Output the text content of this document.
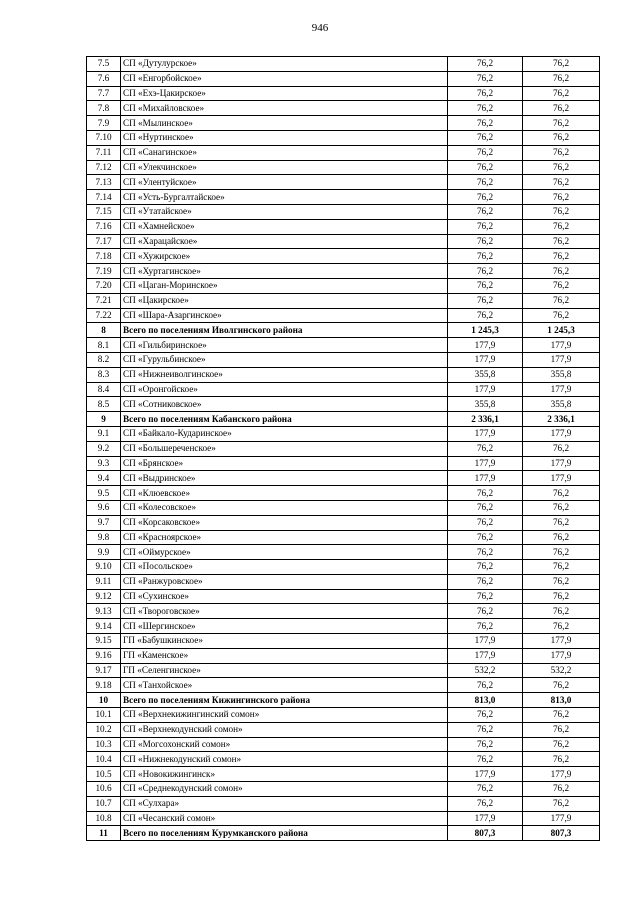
946
7.5	СП «Дутулурское»	76,2	76,2
7.6	СП «Енгорбойское»	76,2	76,2
7.7	СП «Ехэ-Цакирское»	76,2	76,2
7.8	СП «Михайловское»	76,2	76,2
7.9	СП «Мылинское»	76,2	76,2
7.10	СП «Нуртинское»	76,2	76,2
7.11	СП «Санагинское»	76,2	76,2
7.12	СП «Улекчинское»	76,2	76,2
7.13	СП «Улентуйское»	76,2	76,2
7.14	СП «Усть-Бургалтайское»	76,2	76,2
7.15	СП «Утатайское»	76,2	76,2
7.16	СП «Хамнейское»	76,2	76,2
7.17	СП «Харацайское»	76,2	76,2
7.18	СП «Хужирское»	76,2	76,2
7.19	СП «Хуртагинское»	76,2	76,2
7.20	СП «Цаган-Моринское»	76,2	76,2
7.21	СП «Цакирское»	76,2	76,2
7.22	СП «Шара-Азаргинское»	76,2	76,2
8	Всего по поселениям Иволгинского района	1 245,3	1 245,3
8.1	СП «Гильбиринское»	177,9	177,9
8.2	СП «Гурульбинское»	177,9	177,9
8.3	СП «Нижнеиволгинское»	355,8	355,8
8.4	СП «Оронгойское»	177,9	177,9
8.5	СП «Сотниковское»	355,8	355,8
9	Всего по поселениям Кабанского района	2 336,1	2 336,1
9.1	СП «Байкало-Кударинское»	177,9	177,9
9.2	СП «Большереченское»	76,2	76,2
9.3	СП «Брянское»	177,9	177,9
9.4	СП «Выдринское»	177,9	177,9
9.5	СП «Клюевское»	76,2	76,2
9.6	СП «Колесовское»	76,2	76,2
9.7	СП «Корсаковское»	76,2	76,2
9.8	СП «Красноярское»	76,2	76,2
9.9	СП «Оймурское»	76,2	76,2
9.10	СП «Посольское»	76,2	76,2
9.11	СП «Ранжуровское»	76,2	76,2
9.12	СП «Сухинское»	76,2	76,2
9.13	СП «Твороговское»	76,2	76,2
9.14	СП «Шергинское»	76,2	76,2
9.15	ГП «Бабушкинское»	177,9	177,9
9.16	ГП «Каменское»	177,9	177,9
9.17	ГП «Селенгинское»	532,2	532,2
9.18	СП «Танхойское»	76,2	76,2
10	Всего по поселениям Кижингинского района	813,0	813,0
10.1	СП «Верхнекижингинский сомон»	76,2	76,2
10.2	СП «Верхнекодунский сомон»	76,2	76,2
10.3	СП «Могсохонский сомон»	76,2	76,2
10.4	СП «Нижнекодунский сомон»	76,2	76,2
10.5	СП «Новокижингинск»	177,9	177,9
10.6	СП «Среднекодунский сомон»	76,2	76,2
10.7	СП «Сулхара»	76,2	76,2
10.8	СП «Чесанский сомон»	177,9	177,9
11	Всего по поселениям Курумканского района	807,3	807,3
